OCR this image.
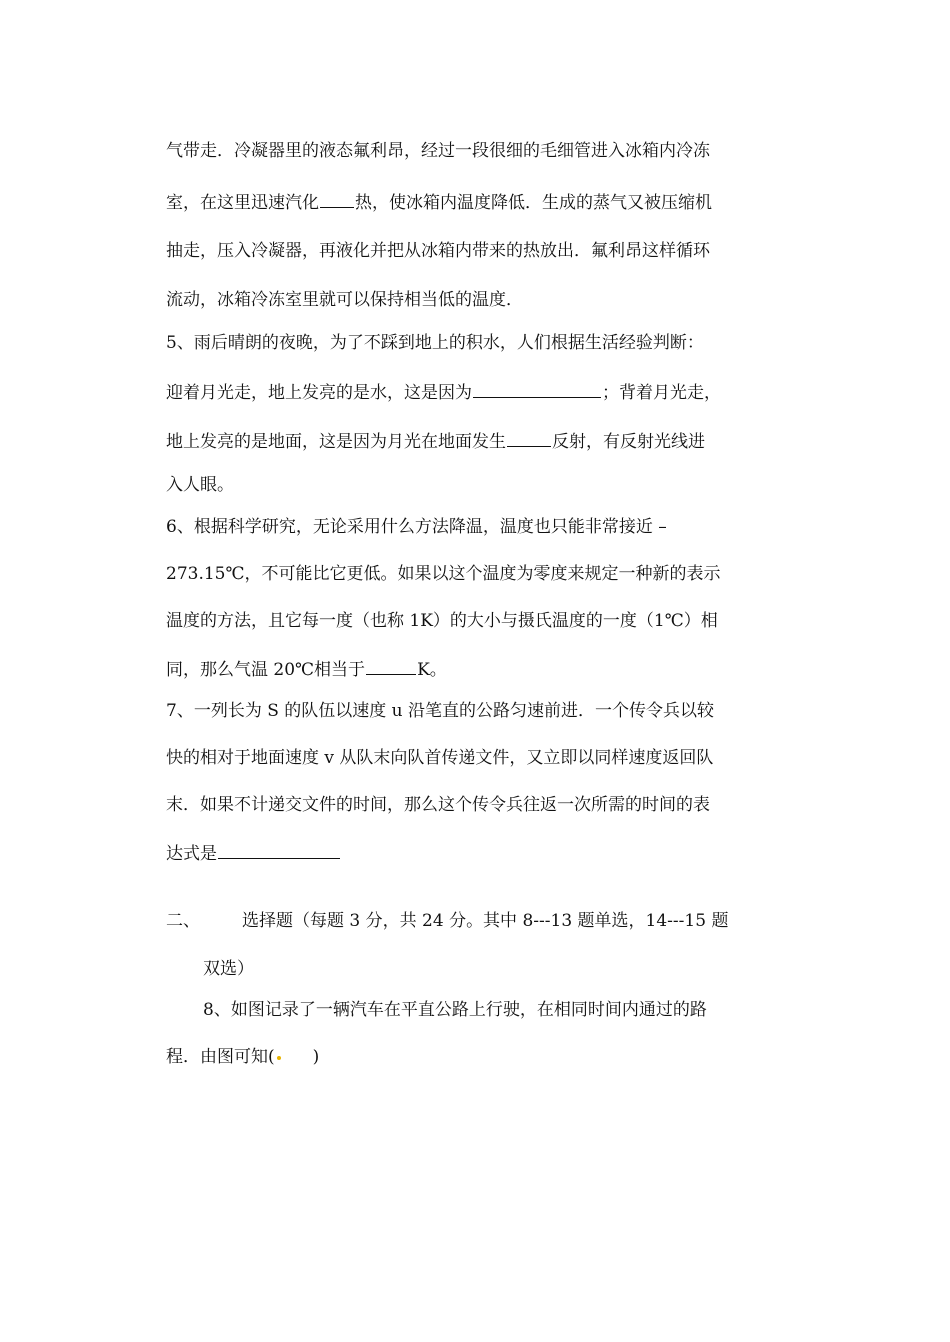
气带走．冷凝器里的液态氟利昂，经过一段很细的毛细管进入冰箱内冷冻
室，在这里迅速汽化 热，使冰箱内温度降低．生成的蒸气又被压缩机
抽走，压入冷凝器，再液化并把从冰箱内带来的热放出．氟利昂这样循环
流动，冰箱冷冻室里就可以保持相当低的温度．
5、雨后晴朗的夜晚，为了不踩到地上的积水，人们根据生活经验判断：
迎着月光走，地上发亮的是水，这是因为	；背着月光走，
地上发亮的是地面，这是因为月光在地面发生	反射，有反射光线进
入人眼。
6、根据科学研究，无论采用什么方法降温，温度也只能非常接近 –
273.15℃，不可能比它更低。如果以这个温度为零度来规定一种新的表示
温度的方法，且它每一度（也称 1K）的大小与摄氏温度的一度（1℃）相
同，那么气温 20℃相当于	K。
7、一列长为 S 的队伍以速度 u 沿笔直的公路匀速前进．一个传令兵以较
快的相对于地面速度 v 从队末向队首传递文件，又立即以同样速度返回队
末．如果不计递交文件的时间，那么这个传令兵往返一次所需的时间的表
达式是
二、 选择题（每题 3 分，共 24 分。其中 8---13 题单选，14---15 题
双选）
8、如图记录了一辆汽车在平直公路上行驶，在相同时间内通过的路
程．由图可知( )
